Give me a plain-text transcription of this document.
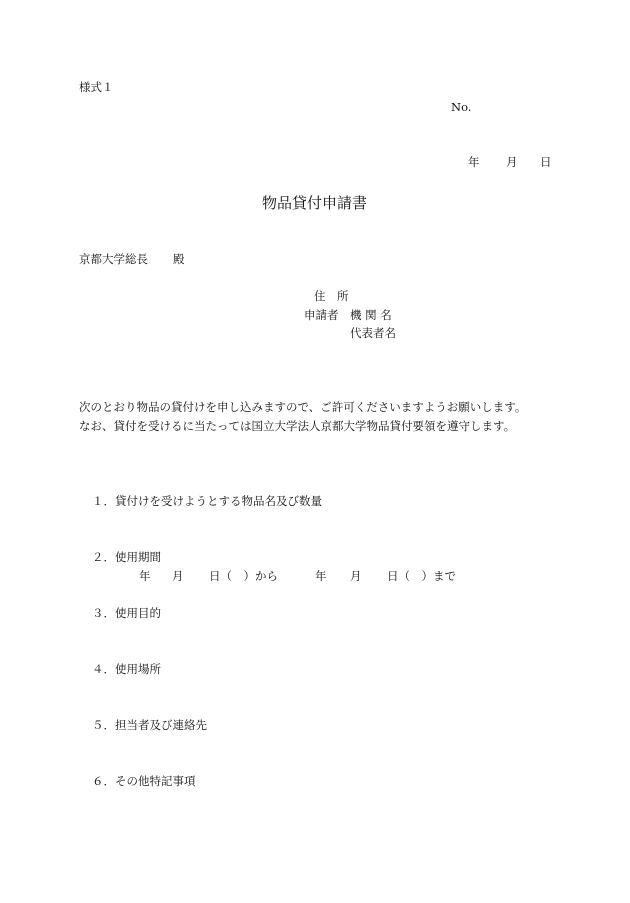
様式１
No.
年 月 日
物品貸付申請書
京都大学総長 殿
住　所
申請者 機 関 名
代表者名
次のとおり物品の貸付けを申し込みますので、ご許可くださいますようお願いします。
なお、貸付を受けるに当たっては国立大学法人京都大学物品貸付要領を遵守します。
１． 貸付けを受けようとする物品名及び数量
２． 使用期間
年 月 日（　）から	年 月 日（　）まで
３． 使用目的
４． 使用場所
５． 担当者及び連絡先
６． その他特記事項
